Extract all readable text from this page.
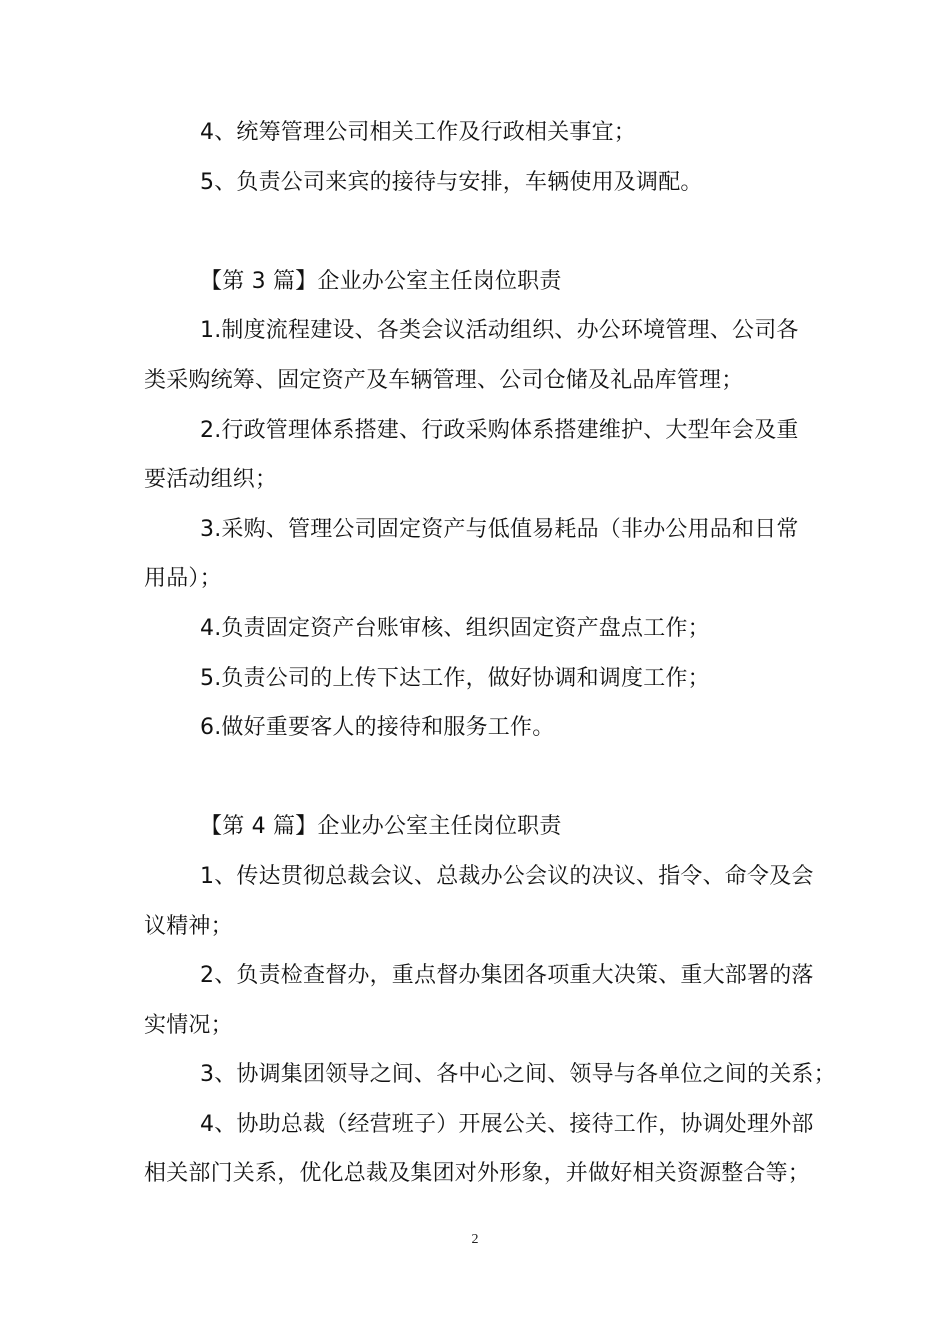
4、统筹管理公司相关工作及行政相关事宜；
5、负责公司来宾的接待与安排，车辆使用及调配。
【第 3 篇】企业办公室主任岗位职责
1.制度流程建设、各类会议活动组织、办公环境管理、公司各
类采购统筹、固定资产及车辆管理、公司仓储及礼品库管理；
2.行政管理体系搭建、行政采购体系搭建维护、大型年会及重
要活动组织；
3.采购、管理公司固定资产与低值易耗品（非办公用品和日常
用品）；
4.负责固定资产台账审核、组织固定资产盘点工作；
5.负责公司的上传下达工作，做好协调和调度工作；
6.做好重要客人的接待和服务工作。
【第 4 篇】企业办公室主任岗位职责
1、传达贯彻总裁会议、总裁办公会议的决议、指令、命令及会
议精神；
2、负责检查督办，重点督办集团各项重大决策、重大部署的落
实情况；
3、协调集团领导之间、各中心之间、领导与各单位之间的关系；
4、协助总裁（经营班子）开展公关、接待工作，协调处理外部
相关部门关系，优化总裁及集团对外形象，并做好相关资源整合等；
2
